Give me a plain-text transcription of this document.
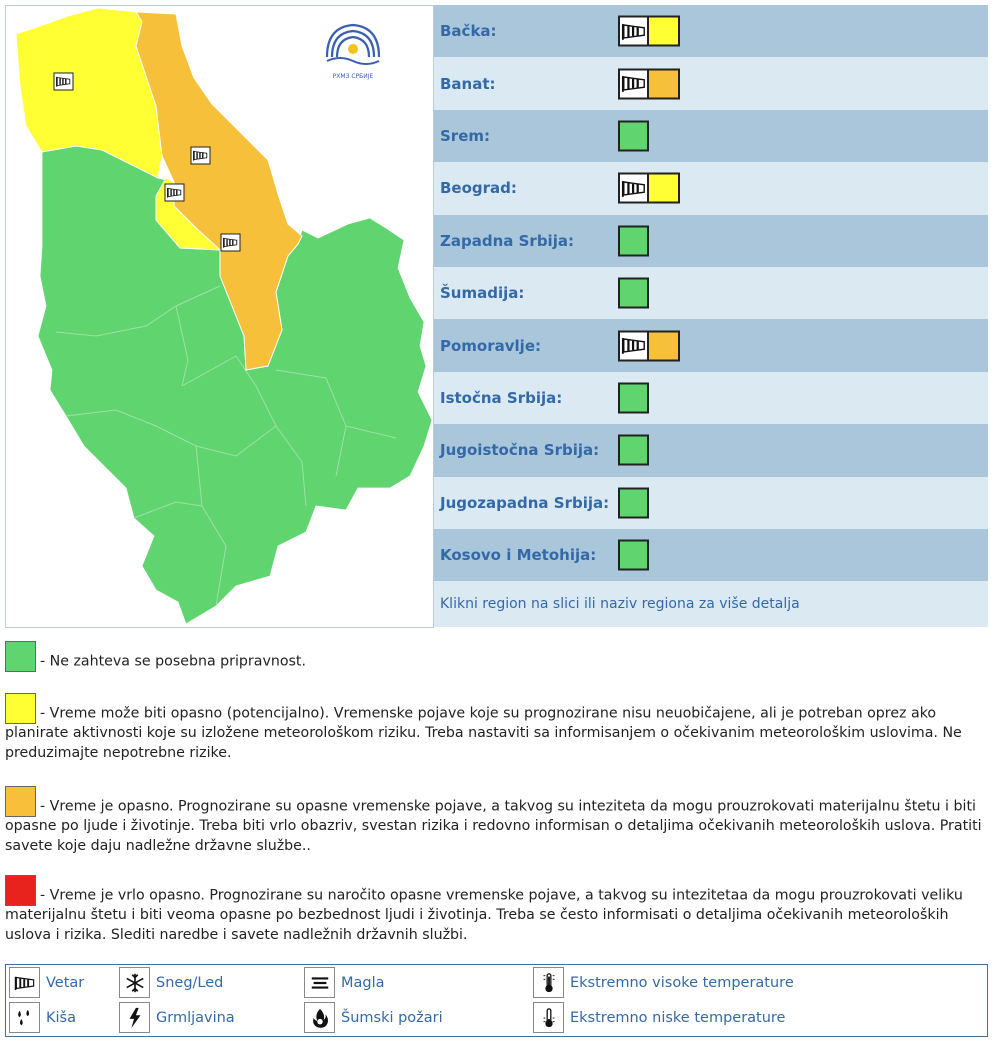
РХМЗ СРБИЈЕ
Bačka:
Banat:
Srem:
Beograd:
Zapadna Srbija:
Šumadija:
Pomoravlje:
Istočna Srbija:
Jugoistočna Srbija:
Jugozapadna Srbija:
Kosovo i Metohija:
Klikni region na slici ili naziv regiona za više detalja
- Ne zahteva se posebna pripravnost.
- Vreme može biti opasno (potencijalno). Vremenske pojave koje su prognozirane nisu neuobičajene, ali je potreban oprez ako planirate aktivnosti koje su izložene meteorološkom riziku. Treba nastaviti sa informisanjem o očekivanim meteorološkim uslovima. Ne preduzimajte nepotrebne rizike.
- Vreme je opasno. Prognozirane su opasne vremenske pojave, a takvog su inteziteta da mogu prouzrokovati materijalnu štetu i biti opasne po ljude i životinje. Treba biti vrlo obazriv, svestan rizika i redovno informisan o detaljima očekivanih meteoroloških uslova. Pratiti savete koje daju nadležne državne službe..
- Vreme je vrlo opasno. Prognozirane su naročito opasne vremenske pojave, a takvog su intezitetaa da mogu prouzrokovati veliku materijalnu štetu i biti veoma opasne po bezbednost ljudi i životinja. Treba se često informisati o detaljima očekivanih meteoroloških uslova i rizika. Slediti naredbe i savete nadležnih državnih službi.
Vetar
Kiša
Sneg/Led
Grmljavina
Magla
Šumski požari
Ekstremno visoke temperature
Ekstremno niske temperature
